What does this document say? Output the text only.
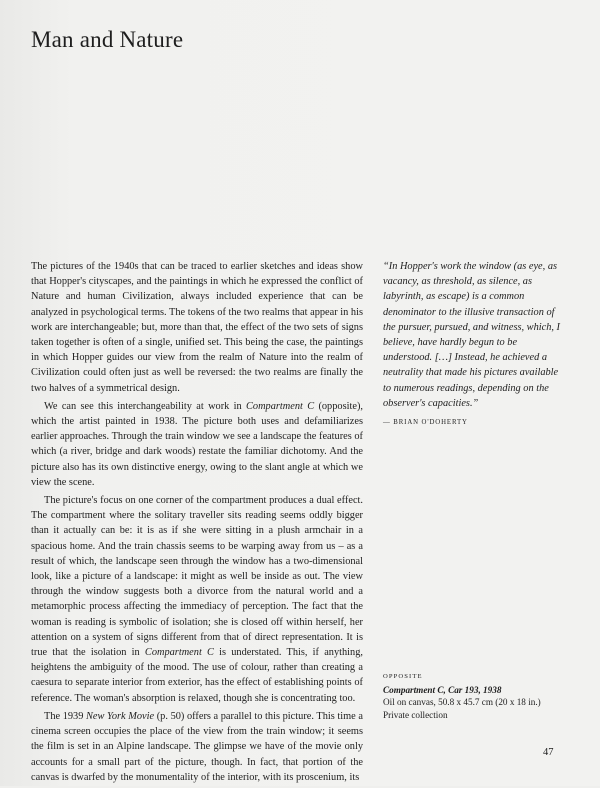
Man and Nature

The pictures of the 1940s that can be traced to earlier sketches and ideas show that Hopper's cityscapes, and the paintings in which he expressed the conflict of Nature and human Civilization, always included experience that can be analyzed in psychological terms. The tokens of the two realms that appear in his work are interchangeable; but, more than that, the effect of the two sets of signs taken together is often of a single, unified set. This being the case, the paintings in which Hopper guides our view from the realm of Nature into the realm of Civilization could often just as well be reversed: the two realms are finally the two halves of a symmetrical design.

We can see this interchangeability at work in Compartment C (opposite), which the artist painted in 1938. The picture both uses and defamiliarizes earlier approaches. Through the train window we see a landscape the features of which (a river, bridge and dark woods) restate the familiar dichotomy. And the picture also has its own distinctive energy, owing to the slant angle at which we view the scene.

The picture's focus on one corner of the compartment produces a dual effect. The compartment where the solitary traveller sits reading seems oddly bigger than it actually can be: it is as if she were sitting in a plush armchair in a spacious home. And the train chassis seems to be warping away from us – as a result of which, the landscape seen through the window has a two-dimensional look, like a picture of a landscape: it might as well be inside as out. The view through the window suggests both a divorce from the natural world and a metamorphic process affecting the immediacy of perception. The fact that the woman is reading is symbolic of isolation; she is closed off within herself, her attention on a system of signs different from that of direct representation. It is true that the isolation in Compartment C is understated. This, if anything, heightens the ambiguity of the mood. The use of colour, rather than creating a caesura to separate interior from exterior, has the effect of establishing points of reference. The woman's absorption is relaxed, though she is concentrating too.

The 1939 New York Movie (p. 50) offers a parallel to this picture. This time a cinema screen occupies the place of the view from the train window; it seems the film is set in an Alpine landscape. The glimpse we have of the movie only accounts for a small part of the picture, though. In fact, that portion of the canvas is dwarfed by the monumentality of the interior, with its proscenium, its

“In Hopper's work the window (as eye, as vacancy, as threshold, as silence, as labyrinth, as escape) is a common denominator to the illusive transaction of the pursuer, pursued, and witness, which, I believe, have hardly begun to be understood. […] Instead, he achieved a neutrality that made his pictures available to numerous readings, depending on the observer's capacities.”
— BRIAN O'DOHERTY
OPPOSITE
Compartment C, Car 193, 1938
Oil on canvas, 50.8 x 45.7 cm (20 x 18 in.)
Private collection
47
